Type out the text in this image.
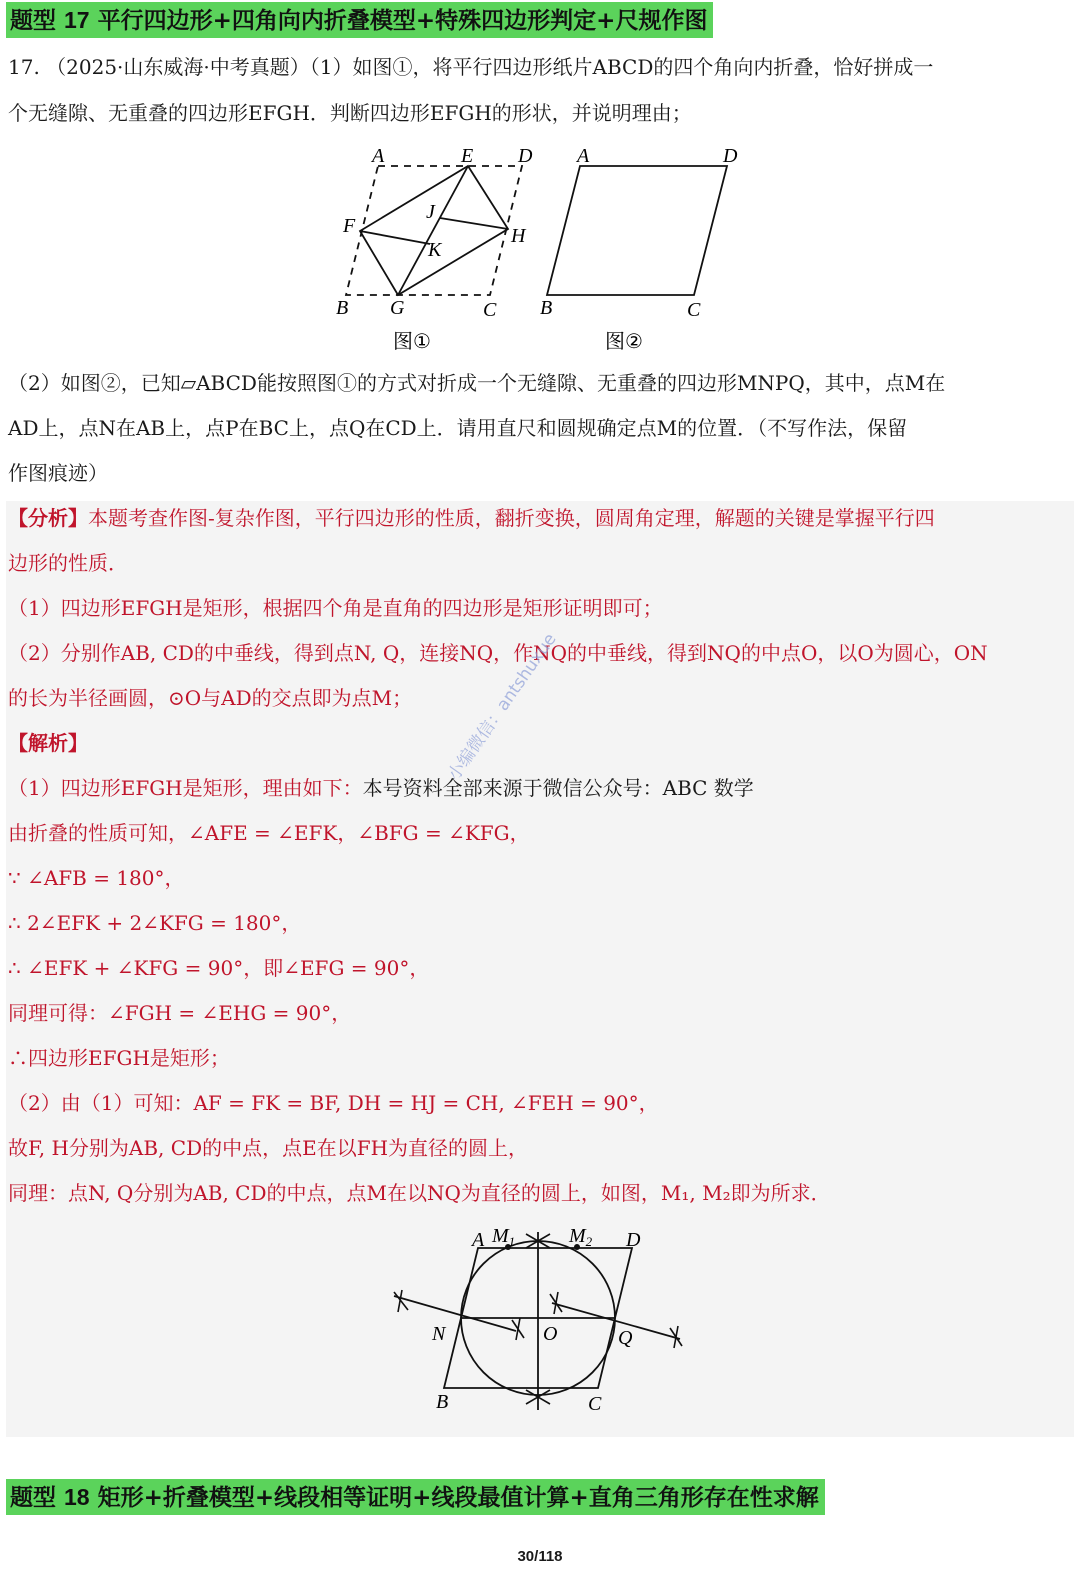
题型 17 平行四边形+四角向内折叠模型+特殊四边形判定+尺规作图
17. （2025·山东威海·中考真题）（1）如图①，将平行四边形纸片ABCD的四个角向内折叠，恰好拼成一
个无缝隙、无重叠的四边形EFGH．判断四边形EFGH的形状，并说明理由；
A	E D
F
J
H
K
B G	C
图①
A	D
B	C
图②
（2）如图②，已知▱ABCD能按照图①的方式对折成一个无缝隙、无重叠的四边形MNPQ，其中，点M在
AD上，点N在AB上，点P在BC上，点Q在CD上．请用直尺和圆规确定点M的位置．（不写作法，保留
作图痕迹）
【分析】本题考查作图-复杂作图，平行四边形的性质，翻折变换，圆周角定理，解题的关键是掌握平行四
边形的性质．
（1）四边形EFGH是矩形，根据四个角是直角的四边形是矩形证明即可；
（2）分别作AB, CD的中垂线，得到点N, Q，连接NQ，作NQ的中垂线，得到NQ的中点O，以O为圆心，ON
的长为半径画圆，⊙O与AD的交点即为点M；
【解析】
（1）四边形EFGH是矩形，理由如下：本号资料全部来源于微信公众号：ABC 数学
由折叠的性质可知，∠AFE = ∠EFK，∠BFG = ∠KFG，
∵ ∠AFB = 180°，
∴ 2∠EFK + 2∠KFG = 180°，
∴ ∠EFK + ∠KFG = 90°，即∠EFG = 90°，
同理可得：∠FGH = ∠EHG = 90°，
∴四边形EFGH是矩形；
（2）由（1）可知：AF = FK = BF, DH = HJ = CH, ∠FEH = 90°，
故F, H分别为AB, CD的中点，点E在以FH为直径的圆上，
同理：点N, Q分别为AB, CD的中点，点M在以NQ为直径的圆上，如图，M₁, M₂即为所求．
小编微信：antshuxue
A $M_1$	$M_2$ D
N	O	Q
B	C
题型 18 矩形+折叠模型+线段相等证明+线段最值计算+直角三角形存在性求解
30/118
